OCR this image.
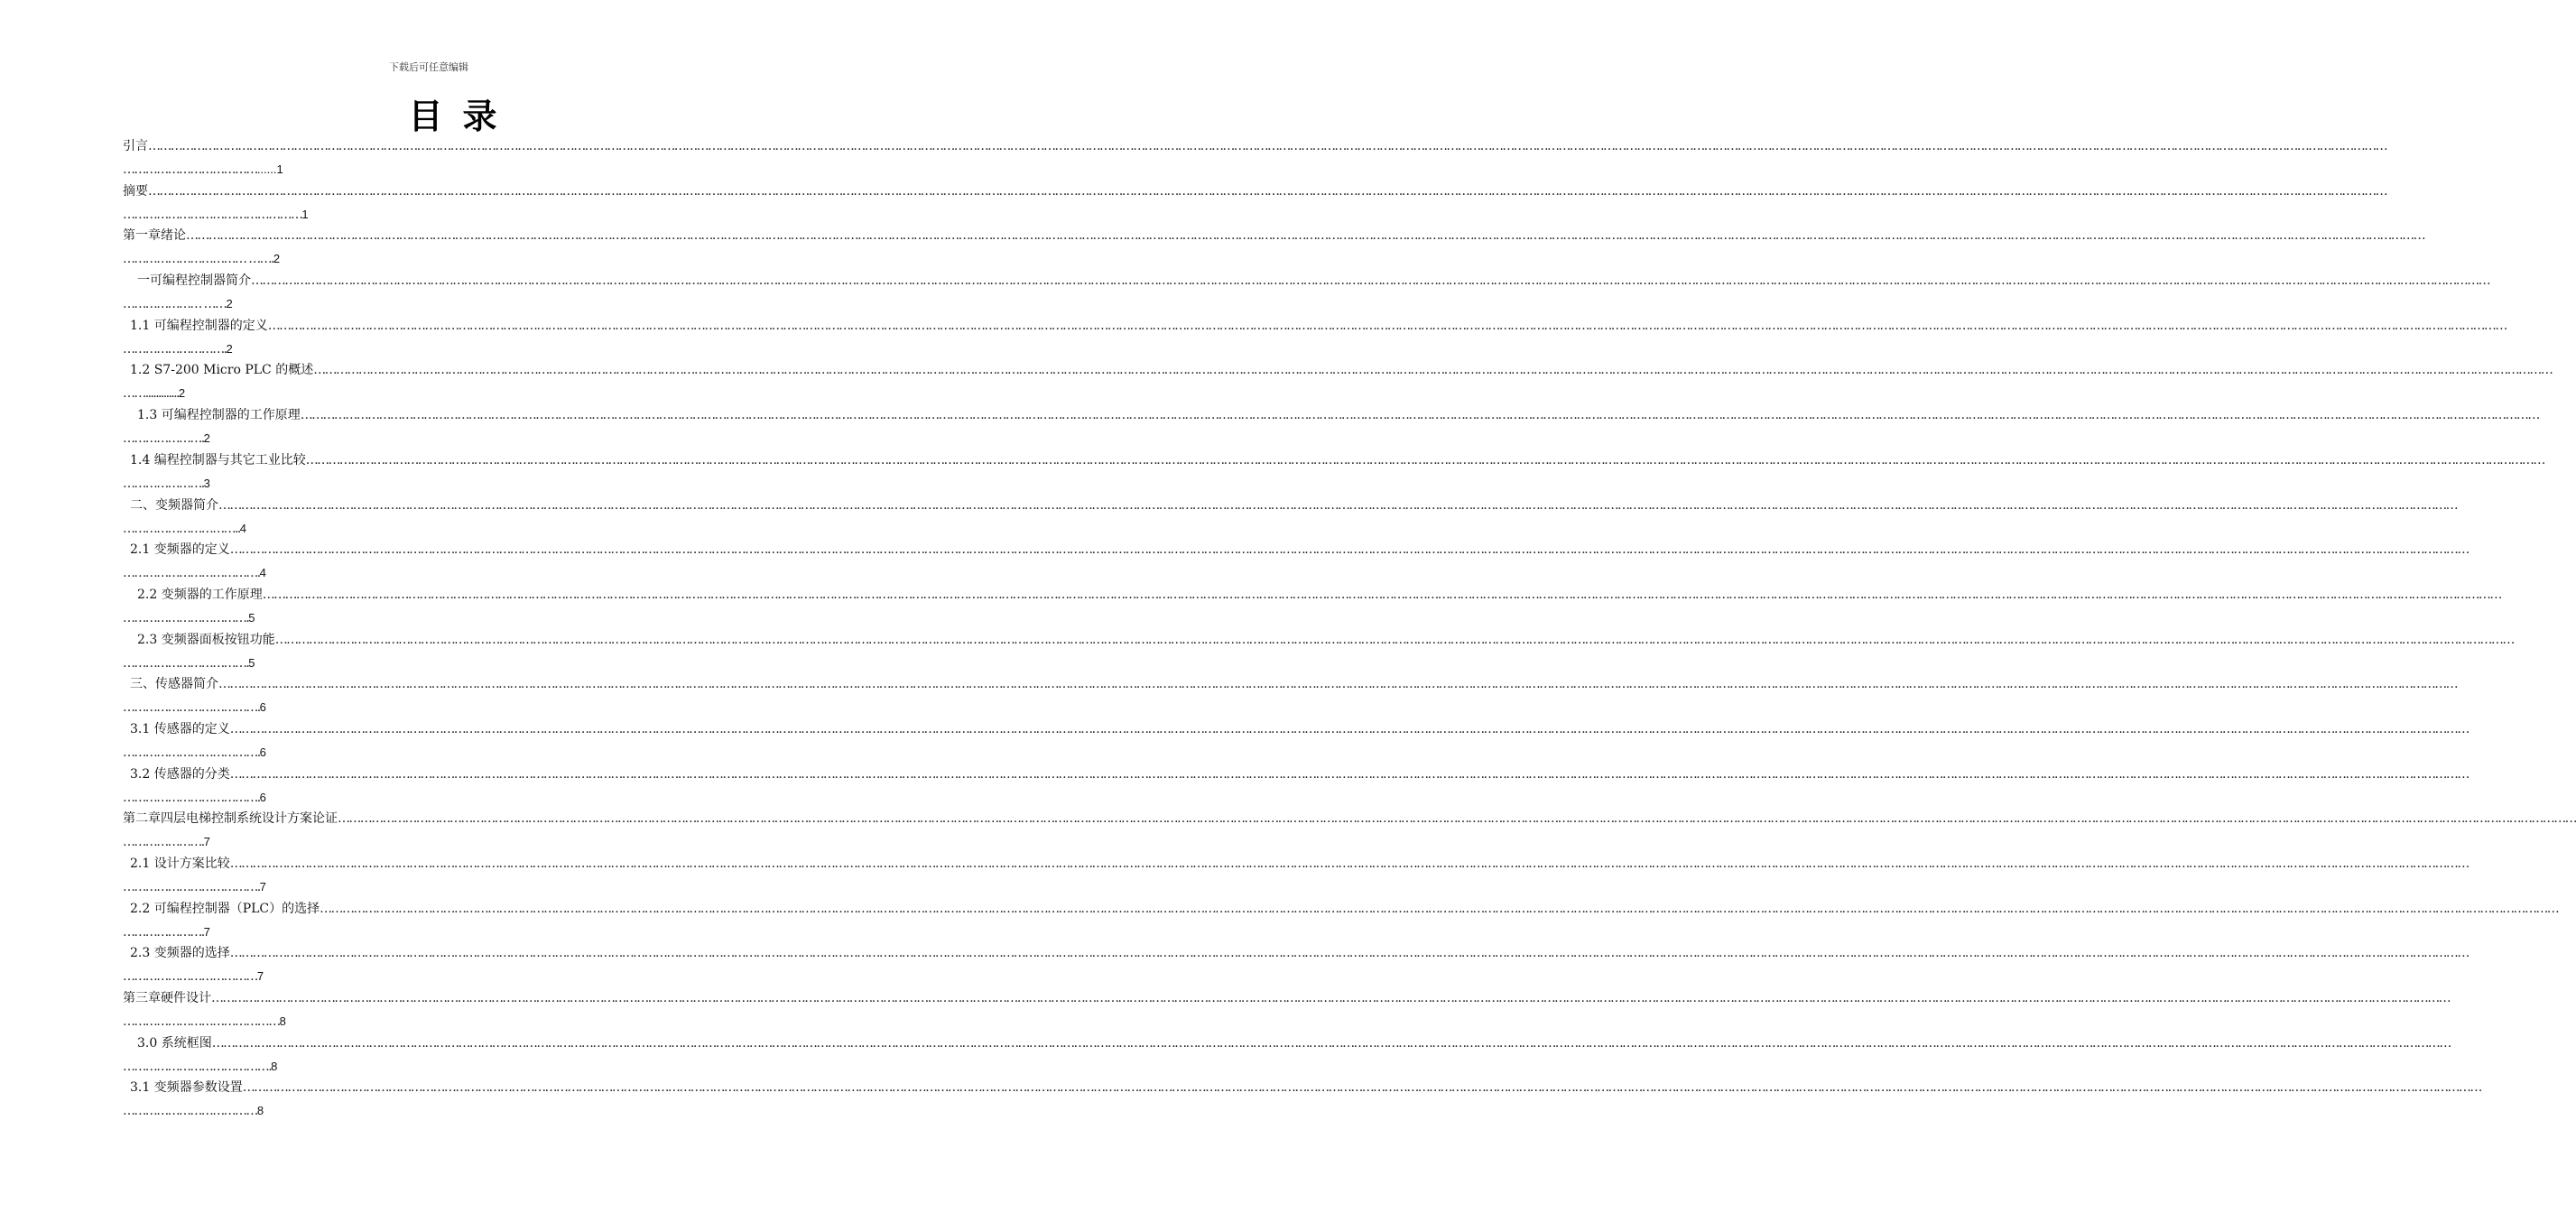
下载后可任意编辑
目录
引言 ……………………………………………………………………………………………………………………………………………………………………………………………………………………………………………………………………………………………………………………………………………………………………………………………………………………………………………………………………………………………………………………………………………………
………………………………......1
摘要 ……………………………………………………………………………………………………………………………………………………………………………………………………………………………………………………………………………………………………………………………………………………………………………………………………………………………………………………………………………………………………………………………………………………
…………………………………………1
第一章绪论 ……………………………………………………………………………………………………………………………………………………………………………………………………………………………………………………………………………………………………………………………………………………………………………………………………………………………………………………………………………………………………………………………………………………
…………………………… …….2
一可编程控制器简介 ……………………………………………………………………………………………………………………………………………………………………………………………………………………………………………………………………………………………………………………………………………………………………………………………………………………………………………………………………………………………………………………………………………………
………………… ……2
1.1 可编程控制器的定义 ……………………………………………………………………………………………………………………………………………………………………………………………………………………………………………………………………………………………………………………………………………………………………………………………………………………………………………………………………………………………………………………………………………………
……………………….2
1.2 S7-200 Micro PLC 的概述 ……………………………………………………………………………………………………………………………………………………………………………………………………………………………………………………………………………………………………………………………………………………………………………………………………………………………………………………………………………………………………………………………………………………
…….............2
1.3 可编程控制器的工作原理 ……………………………………………………………………………………………………………………………………………………………………………………………………………………………………………………………………………………………………………………………………………………………………………………………………………………………………………………………………………………………………………………………………………………
………………….2
1.4 编程控制器与其它工业比较 ……………………………………………………………………………………………………………………………………………………………………………………………………………………………………………………………………………………………………………………………………………………………………………………………………………………………………………………………………………………………………………………………………………………
………………….3
二、变频器简介 ……………………………………………………………………………………………………………………………………………………………………………………………………………………………………………………………………………………………………………………………………………………………………………………………………………………………………………………………………………………………………………………………………………………
…………………………..4
2.1 变频器的定义 ……………………………………………………………………………………………………………………………………………………………………………………………………………………………………………………………………………………………………………………………………………………………………………………………………………………………………………………………………………………………………………………………………………………
……………………………….4
2.2 变频器的工作原理 ……………………………………………………………………………………………………………………………………………………………………………………………………………………………………………………………………………………………………………………………………………………………………………………………………………………………………………………………………………………………………………………………………………………
…………………………….5
2.3 变频器面板按钮功能 ……………………………………………………………………………………………………………………………………………………………………………………………………………………………………………………………………………………………………………………………………………………………………………………………………………………………………………………………………………………………………………………………………………………
…………………………….5
三、传感器简介 ……………………………………………………………………………………………………………………………………………………………………………………………………………………………………………………………………………………………………………………………………………………………………………………………………………………………………………………………………………………………………………………………………………………
……………………………….6
3.1 传感器的定义 ……………………………………………………………………………………………………………………………………………………………………………………………………………………………………………………………………………………………………………………………………………………………………………………………………………………………………………………………………………………………………………………………………………………
……………………………….6
3.2 传感器的分类 ……………………………………………………………………………………………………………………………………………………………………………………………………………………………………………………………………………………………………………………………………………………………………………………………………………………………………………………………………………………………………………………………………………………
……………………………….6
第二章四层电梯控制系统设计方案论证 ……………………………………………………………………………………………………………………………………………………………………………………………………………………………………………………………………………………………………………………………………………………………………………………………………………………………………………………………………………………………………………………………………………………
………………….7
2.1 设计方案比较 ……………………………………………………………………………………………………………………………………………………………………………………………………………………………………………………………………………………………………………………………………………………………………………………………………………………………………………………………………………………………………………………………………………………
……………………………….7
2.2 可编程控制器（PLC）的选择 ……………………………………………………………………………………………………………………………………………………………………………………………………………………………………………………………………………………………………………………………………………………………………………………………………………………………………………………………………………………………………………………………………………………
………………….7
2.3 变频器的选择 ……………………………………………………………………………………………………………………………………………………………………………………………………………………………………………………………………………………………………………………………………………………………………………………………………………………………………………………………………………………………………………………………………………………
………………………………7
第三章硬件设计 ……………………………………………………………………………………………………………………………………………………………………………………………………………………………………………………………………………………………………………………………………………………………………………………………………………………………………………………………………………………………………………………………………………………
……………………………………8
3.0 系统框图 ……………………………………………………………………………………………………………………………………………………………………………………………………………………………………………………………………………………………………………………………………………………………………………………………………………………………………………………………………………………………………………………………………………………
………………………………….8
3.1 变频器参数设置 ……………………………………………………………………………………………………………………………………………………………………………………………………………………………………………………………………………………………………………………………………………………………………………………………………………………………………………………………………………………………………………………………………………………
………………………………8
